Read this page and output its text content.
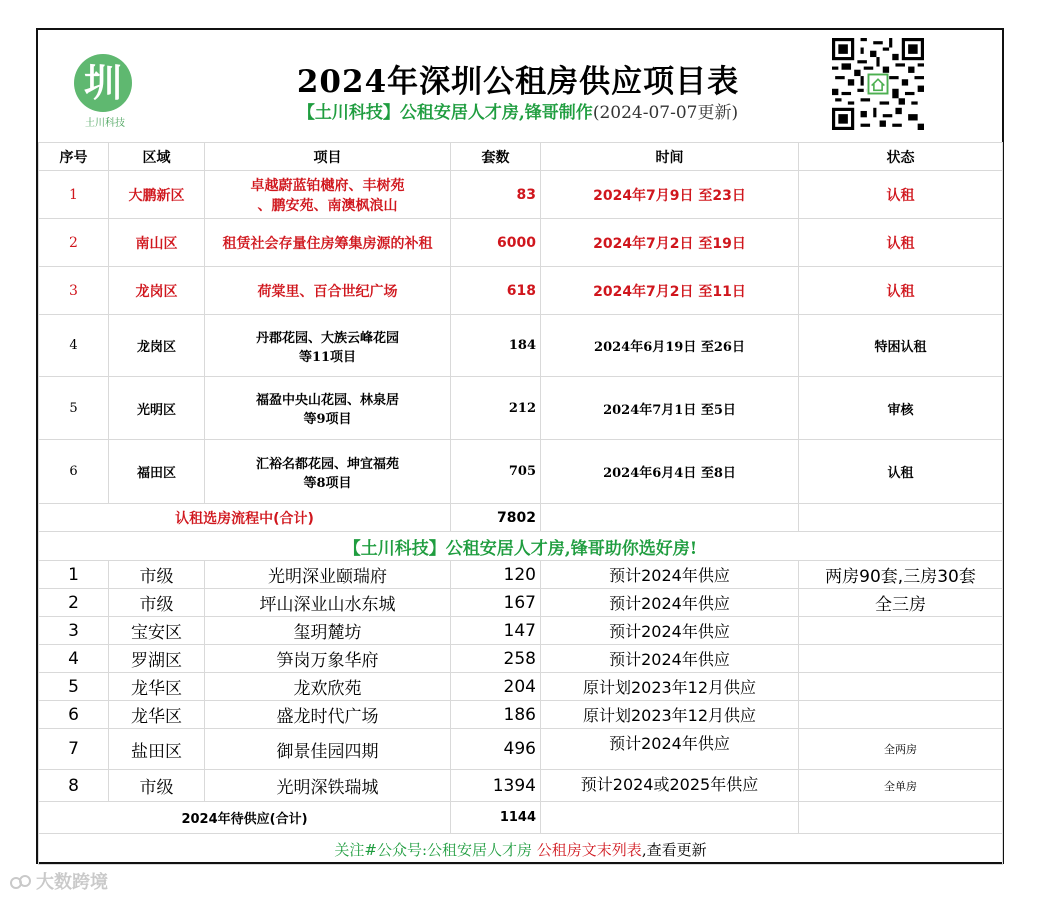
圳
土川科技
2024年深圳公租房供应项目表
【土川科技】公租安居人才房,锋哥制作(2024-07-07更新)
序号	区域	项目	套数	时间	状态
1	大鹏新区	卓越蔚蓝铂樾府、丰树苑
、鹏安苑、南澳枫浪山	83	2024年7月9日 至23日	认租
2	南山区	租赁社会存量住房筹集房源的补租	6000	2024年7月2日 至19日	认租
3	龙岗区	荷棠里、百合世纪广场	618	2024年7月2日 至11日	认租
4	龙岗区	丹郡花园、大族云峰花园
等11项目	184	2024年6月19日 至26日	特困认租
5	光明区	福盈中央山花园、林泉居
等9项目	212	2024年7月1日 至5日	审核
6	福田区	汇裕名都花园、坤宜福苑
等8项目	705	2024年6月4日 至8日	认租
认租选房流程中(合计)			7802		
【土川科技】公租安居人才房,锋哥助你选好房!					
1	市级	光明深业颐瑞府	120	预计2024年供应	两房90套,三房30套
2	市级	坪山深业山水东城	167	预计2024年供应	全三房
3	宝安区	玺玥麓坊	147	预计2024年供应	
4	罗湖区	笋岗万象华府	258	预计2024年供应	
5	龙华区	龙欢欣苑	204	原计划2023年12月供应	
6	龙华区	盛龙时代广场	186	原计划2023年12月供应	
7	盐田区	御景佳园四期	496	预计2024年供应	全两房
8	市级	光明深铁瑞城	1394	预计2024或2025年供应	全单房
2024年待供应(合计)			1144		
关注#公众号:公租安居人才房 公租房文末列表,查看更新					
大数跨境
